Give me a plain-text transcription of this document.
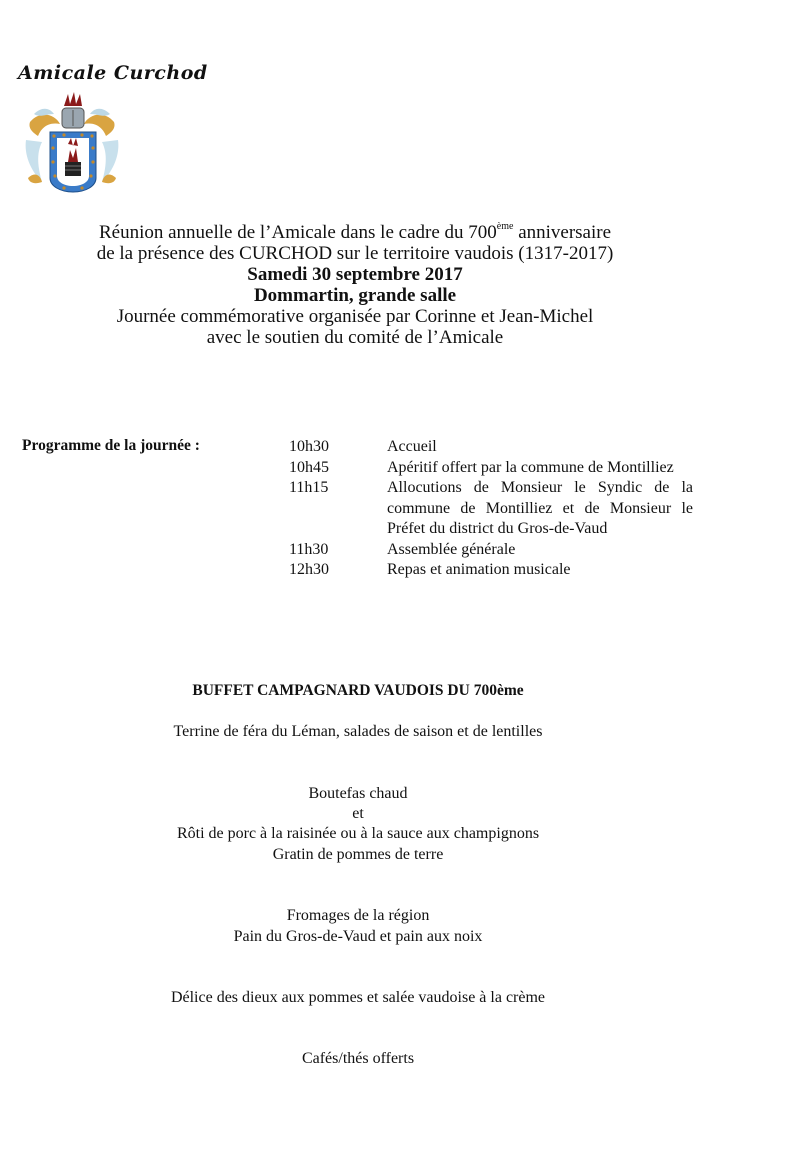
Amicale Curchod
Réunion annuelle de l’Amicale dans le cadre du 700ème anniversaire
de la présence des CURCHOD sur le territoire vaudois (1317-2017)
Samedi 30 septembre 2017
Dommartin, grande salle
Journée commémorative organisée par Corinne et Jean-Michel
avec le soutien du comité de l’Amicale
Programme de la journée :	10h30	Accueil
10h45	Apéritif offert par la commune de Montilliez
11h15	Allocutions de Monsieur le Syndic de la commune de Montilliez et de Monsieur le Préfet du district du Gros-de-Vaud
11h30	Assemblée générale
12h30	Repas et animation musicale
BUFFET CAMPAGNARD VAUDOIS DU 700ème
Terrine de féra du Léman, salades de saison et de lentilles
Boutefas chaud
et
Rôti de porc à la raisinée ou à la sauce aux champignons
Gratin de pommes de terre
Fromages de la région
Pain du Gros-de-Vaud et pain aux noix
Délice des dieux aux pommes et salée vaudoise à la crème
Cafés/thés offerts
